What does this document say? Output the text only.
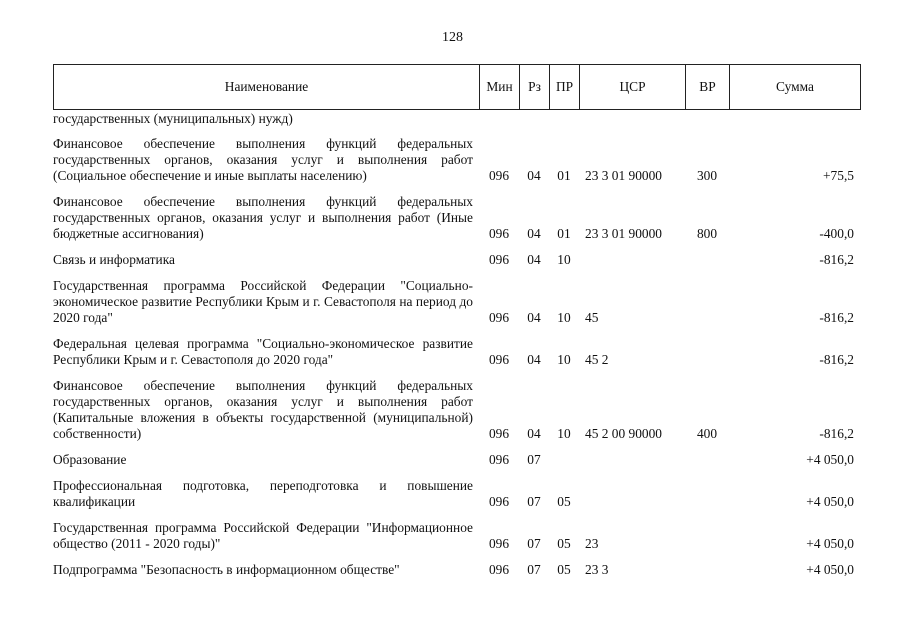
128
Наименование	Мин	Рз	ПР	ЦСР	ВР	Сумма
государственных (муниципальных) нужд)						

Финансовое обеспечение выполнения функций федеральных государственных органов, оказания услуг и выполнения работ (Социальное обеспечение и иные выплаты населению)	096	04	01	23 3 01 90000	300	+75,5

Финансовое обеспечение выполнения функций федеральных государственных органов, оказания услуг и выполнения работ (Иные бюджетные ассигнования)	096	04	01	23 3 01 90000	800	-400,0

Связь и информатика	096	04	10			-816,2

Государственная программа Российской Федерации "Социально-экономическое развитие Республики Крым и г. Севастополя на период до 2020 года"	096	04	10	45		-816,2

Федеральная целевая программа "Социально-экономическое развитие Республики Крым и г. Севастополя до 2020 года"	096	04	10	45 2		-816,2

Финансовое обеспечение выполнения функций федеральных государственных органов, оказания услуг и выполнения работ (Капитальные вложения в объекты государственной (муниципальной) собственности)	096	04	10	45 2 00 90000	400	-816,2

Образование	096	07				+4 050,0

Профессиональная подготовка, переподготовка и повышение квалификации	096	07	05			+4 050,0

Государственная программа Российской Федерации "Информационное общество (2011 - 2020 годы)"	096	07	05	23		+4 050,0

Подпрограмма "Безопасность в информационном обществе"	096	07	05	23 3		+4 050,0
